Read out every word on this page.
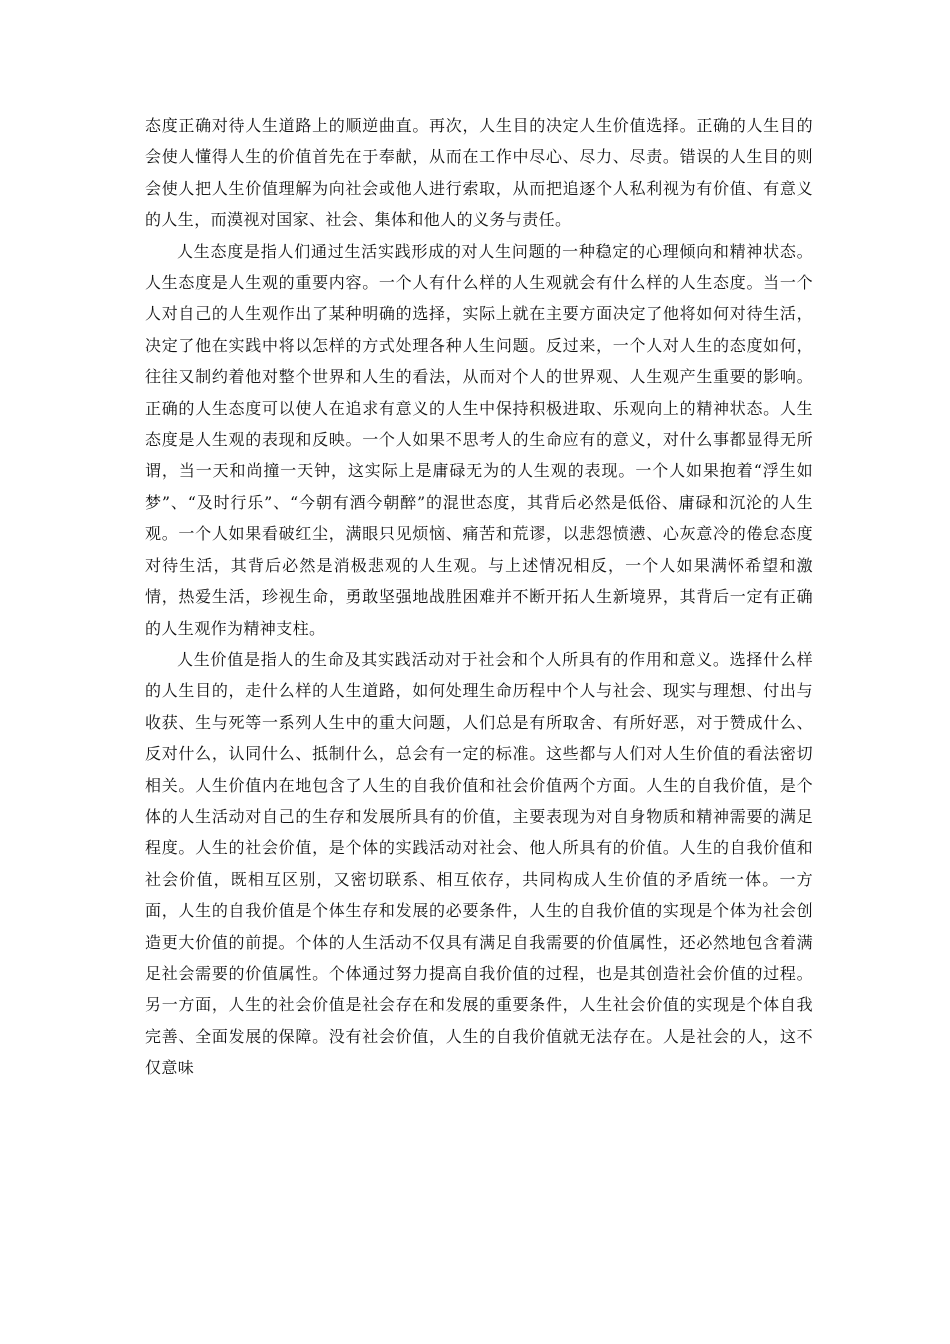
态度正确对待人生道路上的顺逆曲直。再次，人生目的决定人生价值选择。正确的人生目的会使人懂得人生的价值首先在于奉献，从而在工作中尽心、尽力、尽责。错误的人生目的则会使人把人生价值理解为向社会或他人进行索取，从而把追逐个人私利视为有价值、有意义的人生，而漠视对国家、社会、集体和他人的义务与责任。

人生态度是指人们通过生活实践形成的对人生问题的一种稳定的心理倾向和精神状态。人生态度是人生观的重要内容。一个人有什么样的人生观就会有什么样的人生态度。当一个人对自己的人生观作出了某种明确的选择，实际上就在主要方面决定了他将如何对待生活，决定了他在实践中将以怎样的方式处理各种人生问题。反过来，一个人对人生的态度如何，往往又制约着他对整个世界和人生的看法，从而对个人的世界观、人生观产生重要的影响。正确的人生态度可以使人在追求有意义的人生中保持积极进取、乐观向上的精神状态。人生态度是人生观的表现和反映。一个人如果不思考人的生命应有的意义，对什么事都显得无所谓，当一天和尚撞一天钟，这实际上是庸碌无为的人生观的表现。一个人如果抱着“浮生如梦”、“及时行乐”、“今朝有酒今朝醉”的混世态度，其背后必然是低俗、庸碌和沉沦的人生观。一个人如果看破红尘，满眼只见烦恼、痛苦和荒谬，以悲怨愤懑、心灰意冷的倦怠态度对待生活，其背后必然是消极悲观的人生观。与上述情况相反，一个人如果满怀希望和激情，热爱生活，珍视生命，勇敢坚强地战胜困难并不断开拓人生新境界，其背后一定有正确的人生观作为精神支柱。

人生价值是指人的生命及其实践活动对于社会和个人所具有的作用和意义。选择什么样的人生目的，走什么样的人生道路，如何处理生命历程中个人与社会、现实与理想、付出与收获、生与死等一系列人生中的重大问题，人们总是有所取舍、有所好恶，对于赞成什么、反对什么，认同什么、抵制什么，总会有一定的标准。这些都与人们对人生价值的看法密切相关。人生价值内在地包含了人生的自我价值和社会价值两个方面。人生的自我价值，是个体的人生活动对自己的生存和发展所具有的价值，主要表现为对自身物质和精神需要的满足程度。人生的社会价值，是个体的实践活动对社会、他人所具有的价值。人生的自我价值和社会价值，既相互区别，又密切联系、相互依存，共同构成人生价值的矛盾统一体。一方面，人生的自我价值是个体生存和发展的必要条件，人生的自我价值的实现是个体为社会创造更大价值的前提。个体的人生活动不仅具有满足自我需要的价值属性，还必然地包含着满足社会需要的价值属性。个体通过努力提高自我价值的过程，也是其创造社会价值的过程。另一方面，人生的社会价值是社会存在和发展的重要条件，人生社会价值的实现是个体自我完善、全面发展的保障。没有社会价值，人生的自我价值就无法存在。人是社会的人，这不仅意味
